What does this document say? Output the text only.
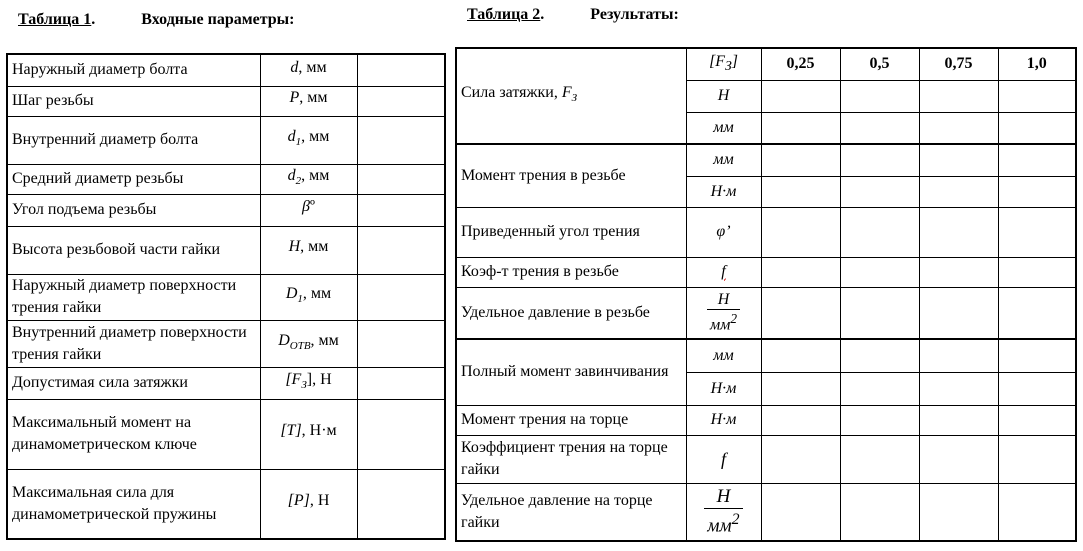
Таблица 1.	Входные параметры:	Таблица 2.	Результаты:
Наружный диаметр болта	d, мм	
Шаг резьбы	P, мм	
Внутренний диаметр болта	$d_1$, мм	
Средний диаметр резьбы	$d_2$, мм	
Угол подъема резьбы	βº	
Высота резьбовой части гайки	H, мм	
Наружный диаметр поверхности трения гайки	$D_1$, мм	
Внутренний диаметр поверхности трения гайки	$D_{ОТВ}$, мм	
Допустимая сила затяжки	$[F_З]$, Н	
Максимальный момент на динамометрическом ключе	[T], Н·м	
Максимальная сила для динамометрической пружины	[P], Н	
Сила затяжки, $F_З$	$[F_З]$	0,25	0,5	0,75	1,0
	Н				
	мм				
Момент трения в резьбе	мм				
	Н·м				
Приведенный угол трения	φ’				
Коэф-т трения в резьбе	f				
Удельное давление в резьбе	$\frac{Н}{мм^2}$

Полный момент завинчивания	мм				
	Н·м				
Момент трения на торце	Н·м				
Коэффициент трения на торце гайки	f				
Удельное давление на торце гайки	$\frac{Н}{мм^2}$
